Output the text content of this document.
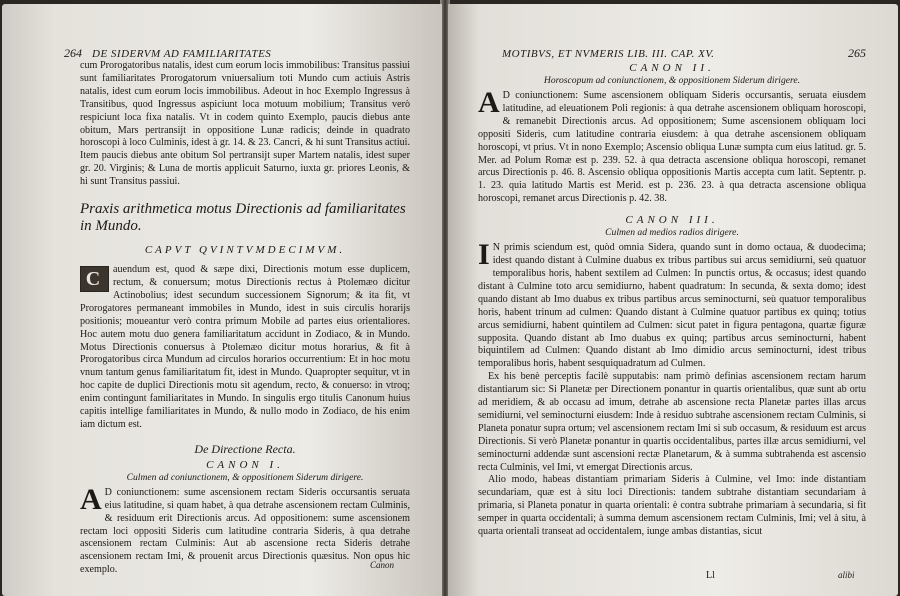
264 DE SIDERVM AD FAMILIARITATES

cum Prorogatoribus natalis, idest cum eorum locis immobilibus: Transitus passiui sunt familiaritates Prorogatorum vniuersalium toti Mundo cum actiuis Astris natalis, idest cum eorum locis immobilibus. Adeout in hoc Exemplo Ingressus à Transitibus, quod Ingressus aspiciunt loca motuum mobilium; Transitus verò respiciunt loca fixa natalis. Vt in codem quinto Exemplo, paucis diebus ante obitum, Mars pertransijt in oppositione Lunæ radicis; deinde in quadrato horoscopi à loco Culminis, idest à gr. 14. & 23. Cancri, & hi sunt Transitus actiui. Item paucis diebus ante obitum Sol pertransijt super Martem natalis, idest super gr. 20. Virginis; & Luna de mortis applicuit Saturno, iuxta gr. priores Leonis, & hi sunt Transitus passiui.

Praxis arithmetica motus Directionis ad familiaritates in Mundo.
CAPVT QVINTVMDECIMVM.
C	auendum est, quod & sæpe dixi, Directionis motum esse duplicem, rectum, & conuersum; motus Directionis rectus à Ptolemæo dicitur Actinobolius; idest secundum successionem Signorum; & ita fit, vt Prorogatores permaneant immobiles in Mundo, idest in suis circulis horarijs positionis; moueantur verò contra primum Mobile ad partes eius orientaliores. Hoc autem motu duo genera familiaritatum accidunt in Zodiaco, & in Mundo. Motus Directionis conuersus à Ptolemæo dicitur motus horarius, & fit à Prorogatoribus circa Mundum ad circulos horarios occurrentium: Et in hoc motu vnum tantum genus familiaritatum fit, idest in Mundo. Quapropter sequitur, vt in hoc capite de duplici Directionis motu sit agendum, recto, & conuerso: in vtroq; enim contingunt familiaritates in Mundo. In singulis ergo titulis Canonum huius capitis intellige familiaritates in Mundo, & nullo modo in Zodiaco, de his enim iam dictum est.

De Directione Recta.
CANON I.
Culmen ad coniunctionem, & oppositionem Siderum dirigere.
A D coniunctionem: sume ascensionem rectam Sideris occursantis seruata eius latitudine, si quam habet, à qua detrahe ascensionem rectam Culminis, & residuum erit Directionis arcus. Ad oppositionem: sume ascensionem rectam loci oppositi Sideris cum latitudine contraria Sideris, à qua detrahe ascensionem rectam Culminis: Aut ab ascensione recta Sideris detrahe ascensionem rectam Imi, & prouenit arcus Directionis quæsitus. Non opus hic exemplo.	Canon
MOTIBVS, ET NVMERIS LIB. III. CAP. XV.	265
CANON II.
Horoscopum ad coniunctionem, & oppositionem Siderum dirigere.
A D coniunctionem: Sume ascensionem obliquam Sideris occursantis, seruata eiusdem latitudine, ad eleuationem Poli regionis: à qua detrahe ascensionem obliquam horoscopi, & remanebit Directionis arcus. Ad oppositionem; Sume ascensionem obliquam loci oppositi Sideris, cum latitudine contraria eiusdem: à qua detrahe ascensionem obliquam horoscopi, vt prius. Vt in nono Exemplo; Ascensio obliqua Lunæ sumpta cum eius latitud. gr. 5. Mer. ad Polum Romæ est p. 239. 52. à qua detracta ascensione obliqua horoscopi, remanet arcus Directionis p. 46. 8. Ascensio obliqua oppositionis Martis accepta cum latit. Septentr. p. 1. 23. quia latitudo Martis est Merid. est p. 236. 23. à qua detracta ascensione obliqua horoscopi, remanet arcus Directionis p. 42. 38.

CANON III.
Culmen ad medios radios dirigere.
I N primis sciendum est, quòd omnia Sidera, quando sunt in domo octaua, & duodecima; idest quando distant à Culmine duabus ex tribus partibus sui arcus semidiurni, seù quatuor temporalibus horis, habent sextilem ad Culmen: In punctis ortus, & occasus; idest quando distant à Culmine toto arcu semidiurno, habent quadratum: In secunda, & sexta domo; idest quando distant ab Imo duabus ex tribus partibus arcus seminocturni, seù quatuor temporalibus horis, habent trinum ad culmen: Quando distant à Culmine quatuor partibus ex quinq; totius arcus semidiurni, habent quintilem ad Culmen: sicut patet in figura pentagona, quartæ figuræ supposita. Quando distant ab Imo duabus ex quinq; partibus arcus seminocturni, habent biquintilem ad Culmen: Quando distant ab Imo dimidio arcus seminocturni, idest tribus temporalibus horis, habent sesquiquadratum ad Culmen.

Ex his benè perceptis facilè supputabis: nam primò definias ascensionem rectam harum distantiarum sic: Si Planetæ per Directionem ponantur in quartis orientalibus, quæ sunt ab ortu ad meridiem, & ab occasu ad imum, detrahe ab ascensione recta Planetæ partes illas arcus semidiurni, vel seminocturni eiusdem: Inde à residuo subtrahe ascensionem rectam Culminis, si Planeta ponatur supra ortum; vel ascensionem rectam Imi si sub occasum, & residuum est arcus Directionis. Si verò Planetæ ponantur in quartis occidentalibus, partes illæ arcus semidiurni, vel seminocturni addendæ sunt ascensioni rectæ Planetarum, & à summa subtrahenda est ascensio recta Culminis, vel Imi, vt emergat Directionis arcus.

Alio modo, habeas distantiam primariam Sideris à Culmine, vel Imo: inde distantiam secundariam, quæ est à situ loci Directionis: tandem subtrahe distantiam secundariam à primaria, si Planeta ponatur in quarta orientali: è contra subtrahe primariam à secundaria, si fit semper in quarta occidentali; à summa demum ascensionem rectam Culminis, Imi; vel à situ, à quarta orientali transeat ad occidentalem, iunge ambas distantias, sicut

Ll	alibi
